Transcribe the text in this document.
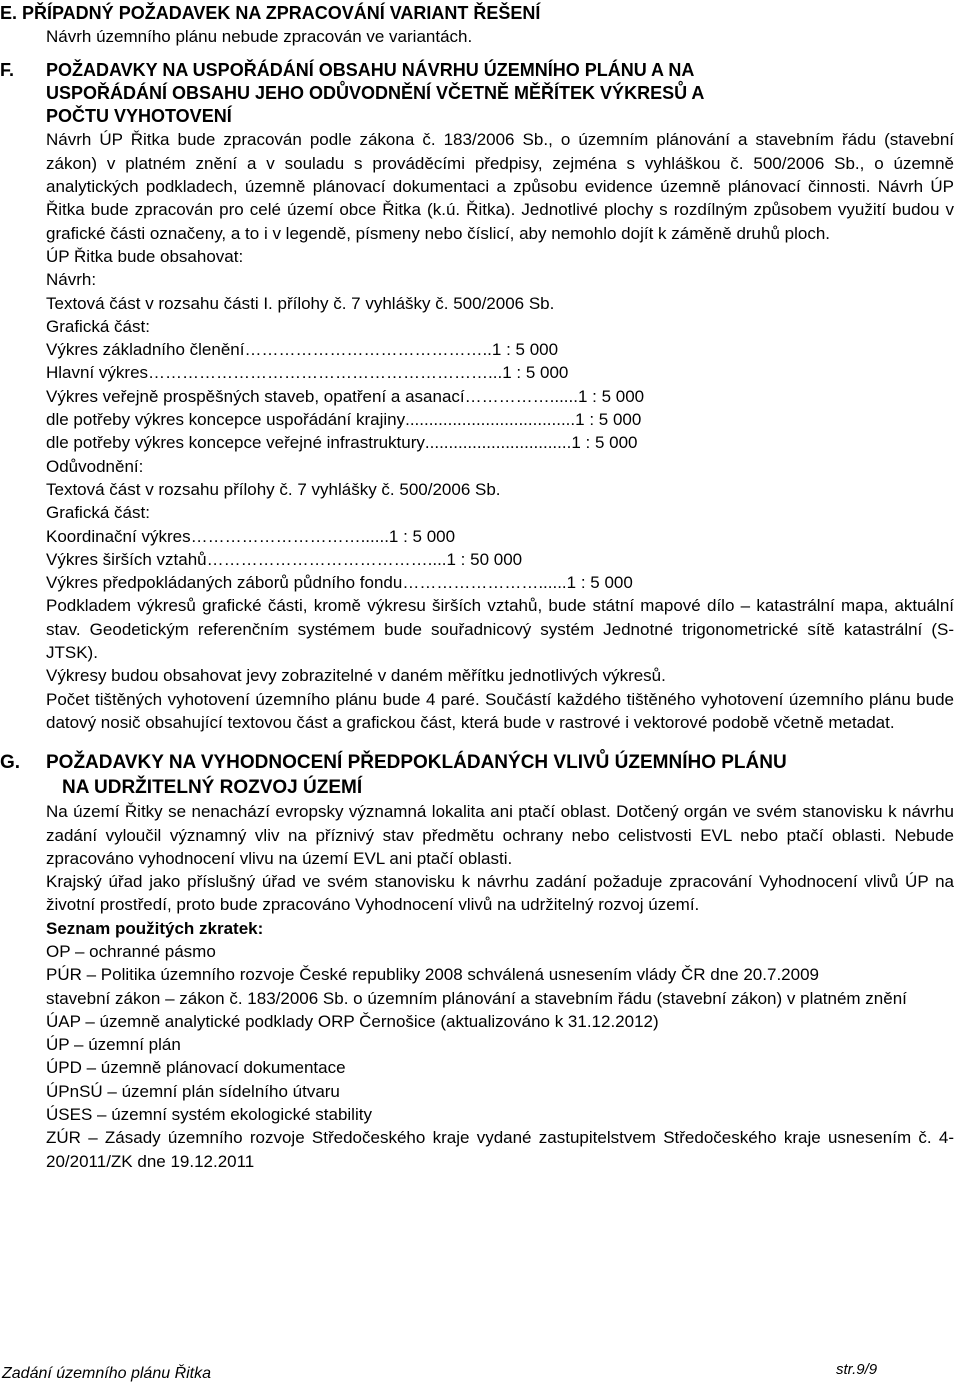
E. PŘÍPADNÝ POŽADAVEK NA ZPRACOVÁNÍ VARIANT ŘEŠENÍ
Návrh územního plánu nebude zpracován ve variantách.
F.	POŽADAVKY NA USPOŘÁDÁNÍ OBSAHU NÁVRHU ÚZEMNÍHO PLÁNU A NA
USPOŘÁDÁNÍ OBSAHU JEHO ODŮVODNĚNÍ VČETNĚ MĚŘÍTEK VÝKRESŮ A
POČTU VYHOTOVENÍ
Návrh ÚP Řitka bude zpracován podle zákona č. 183/2006 Sb., o územním plánování a stavebním řádu (stavební zákon) v platném znění a v souladu s prováděcími předpisy, zejména s vyhláškou č. 500/2006 Sb., o územně analytických podkladech, územně plánovací dokumentaci a způsobu evidence územně plánovací činnosti. Návrh ÚP Řitka bude zpracován pro celé území obce Řitka (k.ú. Řitka). Jednotlivé plochy s rozdílným způsobem využití budou v grafické části označeny, a to i v legendě, písmeny nebo číslicí, aby nemohlo dojít k záměně druhů ploch.
ÚP Řitka bude obsahovat:
Návrh:
Textová část v rozsahu části I. přílohy č. 7 vyhlášky č. 500/2006 Sb.
Grafická část:
Výkres základního členění …………………………………….. 1 : 5 000
Hlavní výkres ……………………………………………………... 1 : 5 000
Výkres veřejně prospěšných staveb, opatření a asanací ……………...... 1 : 5 000
dle potřeby výkres koncepce uspořádání krajiny .................................... 1 : 5 000
dle potřeby výkres koncepce veřejné infrastruktury ............................... 1 : 5 000
Odůvodnění:
Textová část v rozsahu přílohy č. 7 vyhlášky č. 500/2006 Sb.
Grafická část:
Koordinační výkres …………………………...... 1 : 5 000
Výkres širších vztahů ………………………………….. ..1 : 50 000
Výkres předpokládaných záborů půdního fondu ……………………...... 1 : 5 000
Podkladem výkresů grafické části, kromě výkresu širších vztahů, bude státní mapové dílo – katastrální mapa, aktuální stav. Geodetickým referenčním systémem bude souřadnicový systém Jednotné trigonometrické sítě katastrální (S-JTSK).
Výkresy budou obsahovat jevy zobrazitelné v daném měřítku jednotlivých výkresů.
Počet tištěných vyhotovení územního plánu bude 4 paré. Součástí každého tištěného vyhotovení územního plánu bude datový nosič obsahující textovou část a grafickou část, která bude v rastrové i vektorové podobě včetně metadat.
G.	POŽADAVKY NA VYHODNOCENÍ PŘEDPOKLÁDANÝCH VLIVŮ ÚZEMNÍHO PLÁNU
NA UDRŽITELNÝ ROZVOJ ÚZEMÍ
Na území Řitky se nenachází evropsky významná lokalita ani ptačí oblast. Dotčený orgán ve svém stanovisku k návrhu zadání vyloučil významný vliv na příznivý stav předmětu ochrany nebo celistvosti EVL nebo ptačí oblasti. Nebude zpracováno vyhodnocení vlivu na území EVL ani ptačí oblasti.
Krajský úřad jako příslušný úřad ve svém stanovisku k návrhu zadání požaduje zpracování Vyhodnocení vlivů ÚP na životní prostředí, proto bude zpracováno Vyhodnocení vlivů na udržitelný rozvoj území.
Seznam použitých zkratek:
OP – ochranné pásmo
PÚR – Politika územního rozvoje České republiky 2008 schválená usnesením vlády ČR dne 20.7.2009
stavební zákon – zákon č. 183/2006 Sb. o územním plánování a stavebním řádu (stavební zákon) v platném znění
ÚAP – územně analytické podklady ORP Černošice (aktualizováno k 31.12.2012)
ÚP – územní plán
ÚPD – územně plánovací dokumentace
ÚPnSÚ – územní plán sídelního útvaru
ÚSES – územní systém ekologické stability
ZÚR – Zásady územního rozvoje Středočeského kraje vydané zastupitelstvem Středočeského kraje usnesením č. 4-20/2011/ZK dne 19.12.2011
Zadání územního plánu Řitka	str.9/9
